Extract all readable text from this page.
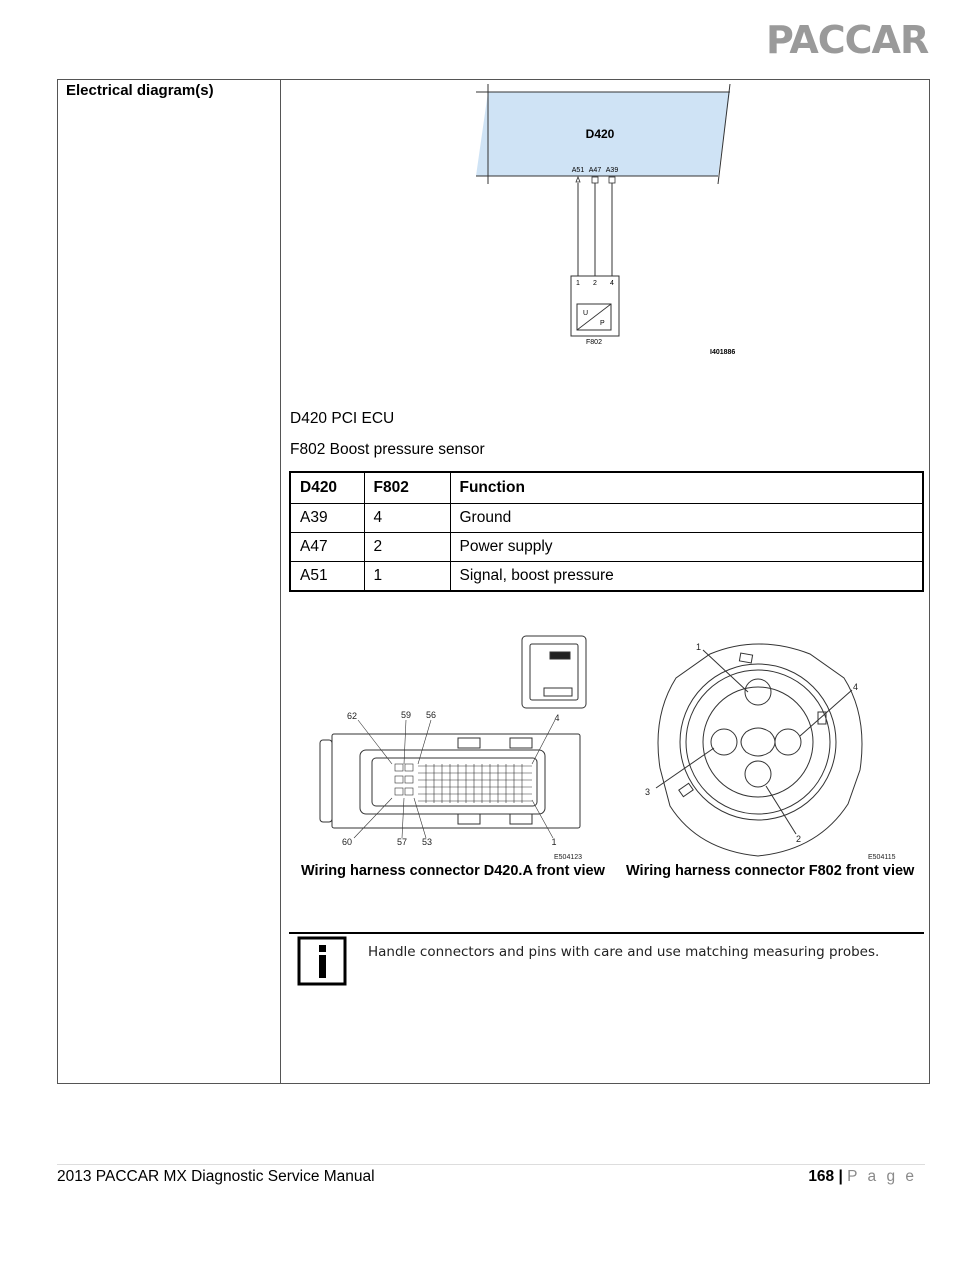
PACCAR
Electrical diagram(s)
D420
A51 A47 A39
1 2 4
U
P
F802
I401886
D420 PCI ECU
F802 Boost pressure sensor
D420	F802	Function
A39	4	Ground
A47	2	Power supply
A51	1	Signal, boost pressure
62	59 56	4
60	57 53	1
E504123
1
4
3
2
E504115
Wiring harness connector D420.A front view Wiring harness connector F802 front view
Handle connectors and pins with care and use matching measuring probes.
2013 PACCAR MX Diagnostic Service Manual	168 | P a g e
